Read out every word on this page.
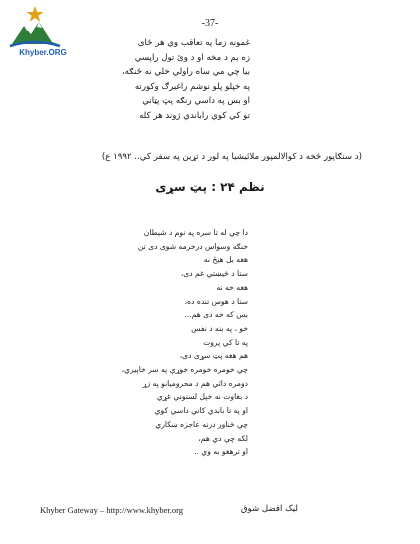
Khyber.ORG
-37-

غمونه زما په تعاقب وي هر ځای

زه يم د مخه او د وئ تول راپسي

بيا چي مي ساه راولي خلي نه ځنګه،

په خپلو پلو نوشم راغبرګ وکورته

او بس په داسي رنګه پټ پټاني

تو کي کوي راباندي ژوند هر کله

(د سنګاپور ځخه د کوالالمپور ملائيشيا په لور د تړين په سفر کي.. ۱۹۹۲ ع)
نظم ۲۴ : پټ سړی

دا چي له تا سره په نوم د شيطان

خنګه وسواس درخرمه شوی دی تن

هغه بل هيڅ نه

ستا د څيښتي غم دی،

هغه خه نه

ستا د هوس تنده ده،

بس که خه دی هم...

خو ، په بنه د نفس

په تا کي پروت

هم هغه پټ سړی دی،

چي خومره خومره خوړې په سر خاپيري،

دومره دائي هم د محروميانو په زړ

د بغاوت نه خپل لستوني غړي

او په تا باندي کاني داسي کوي

چي ځناور درنه عاجزه ښکاري

لکه چي دي هم،

او ترهغو به وي ..

Khyber Gateway – http://www.khyber.org	ليک افضل شوق
